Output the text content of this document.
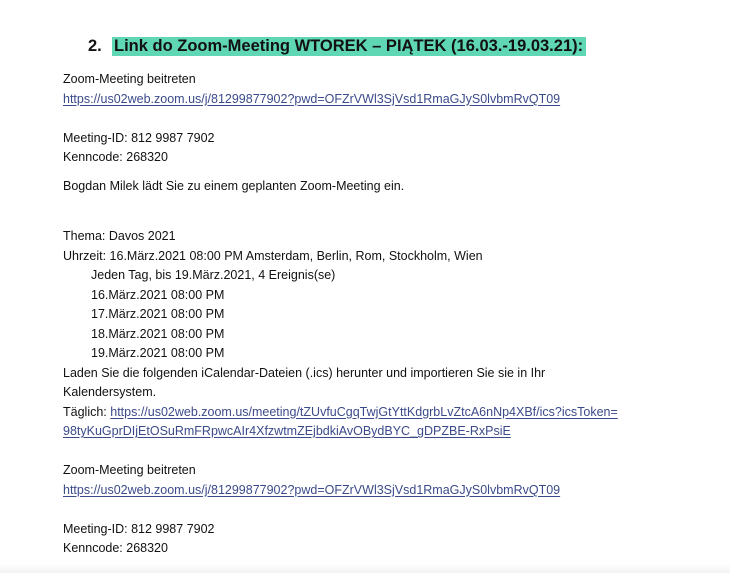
2. Link do Zoom-Meeting WTOREK – PIĄTEK (16.03.-19.03.21):
Zoom-Meeting beitreten
https://us02web.zoom.us/j/81299877902?pwd=OFZrVWl3SjVsd1RmaGJyS0lvbmRvQT09
Meeting-ID: 812 9987 7902
Kenncode: 268320
Bogdan Milek lädt Sie zu einem geplanten Zoom-Meeting ein.
Thema: Davos 2021
Uhrzeit: 16.März.2021 08:00 PM Amsterdam, Berlin, Rom, Stockholm, Wien
Jeden Tag, bis 19.März.2021, 4 Ereignis(se)
16.März.2021 08:00 PM
17.März.2021 08:00 PM
18.März.2021 08:00 PM
19.März.2021 08:00 PM
Laden Sie die folgenden iCalendar-Dateien (.ics) herunter und importieren Sie sie in Ihr
Kalendersystem.
Täglich: https://us02web.zoom.us/meeting/tZUvfuCgqTwjGtYttKdgrbLvZtcA6nNp4XBf/ics?icsToken=
98tyKuGprDIjEtOSuRmFRpwcAIr4XfzwtmZEjbdkiAvOBydBYC_gDPZBE-RxPsiE
Zoom-Meeting beitreten
https://us02web.zoom.us/j/81299877902?pwd=OFZrVWl3SjVsd1RmaGJyS0lvbmRvQT09
Meeting-ID: 812 9987 7902
Kenncode: 268320
